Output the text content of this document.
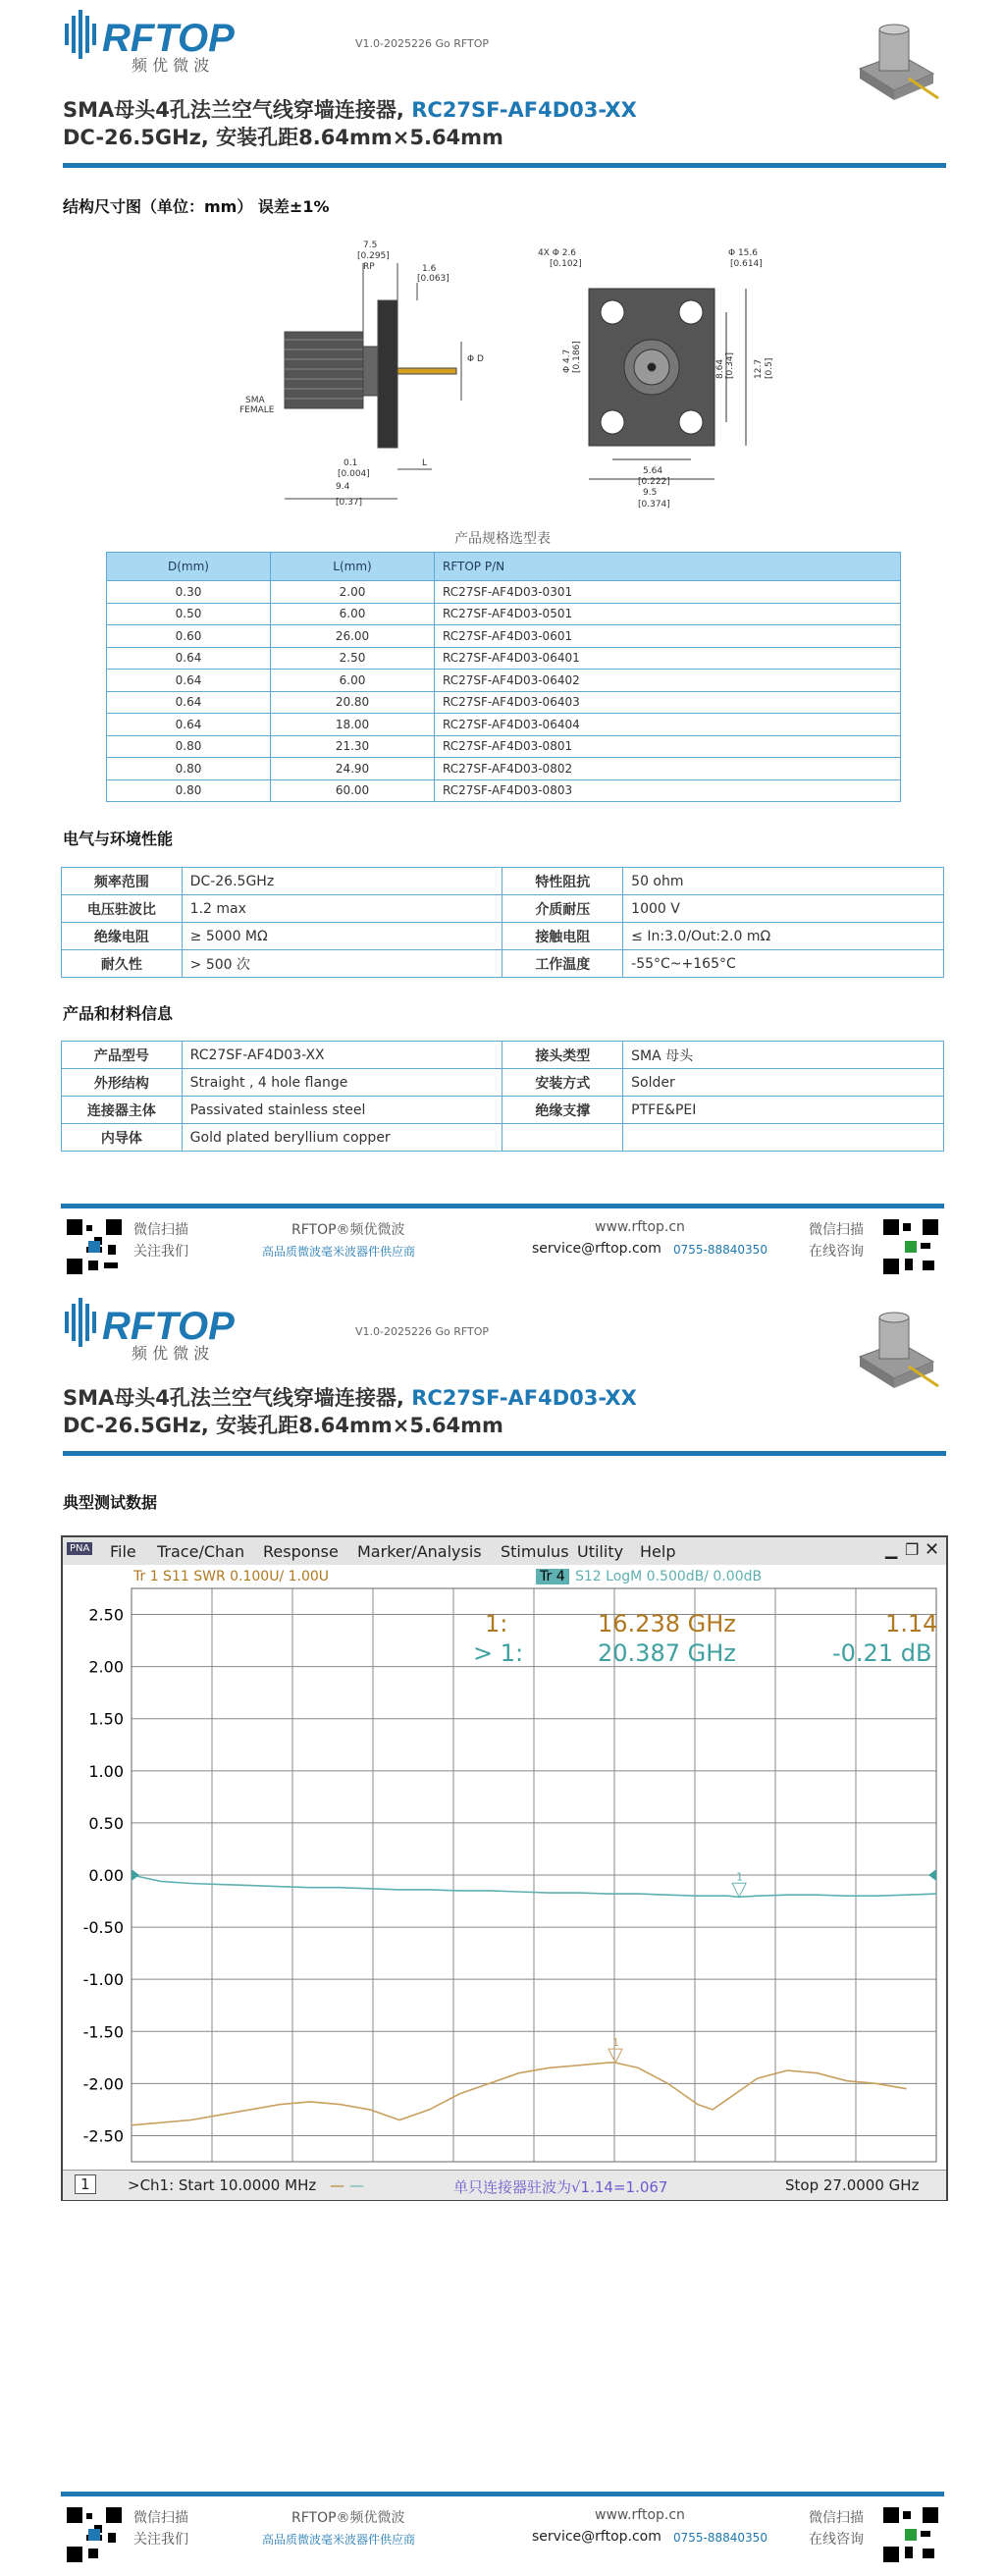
RFTOP
频 优 微 波
V1.0-2025226 Go RFTOP
SMA母头4孔法兰空气线穿墙连接器, RC27SF-AF4D03-XX
DC-26.5GHz, 安装孔距8.64mm×5.64mm
结构尺寸图（单位：mm） 误差±1%
7.5
[0.295]
RP	1.6
[0.063]
Φ D
SMA
FEMALE
0.1
[0.004]
9.4
[0.37]
L
4X Φ 2.6
[0.102]
Φ 15.6
[0.614]
Φ 4.7 [0.186]	8.64 [0.34] 12.7 [0.5]
5.64
[0.222]
9.5
[0.374]
产品规格选型表
D(mm)	L(mm)	RFTOP P/N
0.30	2.00	RC27SF-AF4D03-0301
0.50	6.00	RC27SF-AF4D03-0501
0.60	26.00	RC27SF-AF4D03-0601
0.64	2.50	RC27SF-AF4D03-06401
0.64	6.00	RC27SF-AF4D03-06402
0.64	20.80	RC27SF-AF4D03-06403
0.64	18.00	RC27SF-AF4D03-06404
0.80	21.30	RC27SF-AF4D03-0801
0.80	24.90	RC27SF-AF4D03-0802
0.80	60.00	RC27SF-AF4D03-0803
电气与环境性能
频率范围	DC-26.5GHz	特性阻抗	50 ohm
电压驻波比	1.2 max	介质耐压	1000 V
绝缘电阻	≥ 5000 MΩ	接触电阻	≤ In:3.0/Out:2.0 mΩ
耐久性	> 500 次	工作温度	-55°C~+165°C
产品和材料信息
产品型号	RC27SF-AF4D03-XX	接头类型	SMA 母头
外形结构	Straight , 4 hole flange	安装方式	Solder
连接器主体	Passivated stainless steel	绝缘支撑	PTFE&PEI
内导体	Gold plated beryllium copper		
微信扫描
关注我们
RFTOP®频优微波
高品质微波毫米波器件供应商
www.rftop.cn
service@rftop.com 0755-88840350
微信扫描
在线咨询
RFTOP
频 优 微 波
V1.0-2025226 Go RFTOP
SMA母头4孔法兰空气线穿墙连接器, RC27SF-AF4D03-XX
DC-26.5GHz, 安装孔距8.64mm×5.64mm
典型测试数据
PNA File Trace/Chan Response Marker/Analysis Stimulus Utility Help	▁ ❐ ✕
Tr 1 S11 SWR 0.100U/ 1.00U	Tr 4 S12 LogM 0.500dB/ 0.00dB
2.50
2.00
1.50
1.00
0.50
0.00
-0.50
-1.00
-1.50
-2.00
-2.50
1
1
1:	16.238 GHz	1.14
> 1:	20.387 GHz	-0.21 dB
1	>Ch1: Start 10.0000 MHz — —	单只连接器驻波为√1.14=1.067	Stop 27.0000 GHz
微信扫描
关注我们
RFTOP®频优微波
高品质微波毫米波器件供应商
www.rftop.cn
service@rftop.com 0755-88840350
微信扫描
在线咨询
